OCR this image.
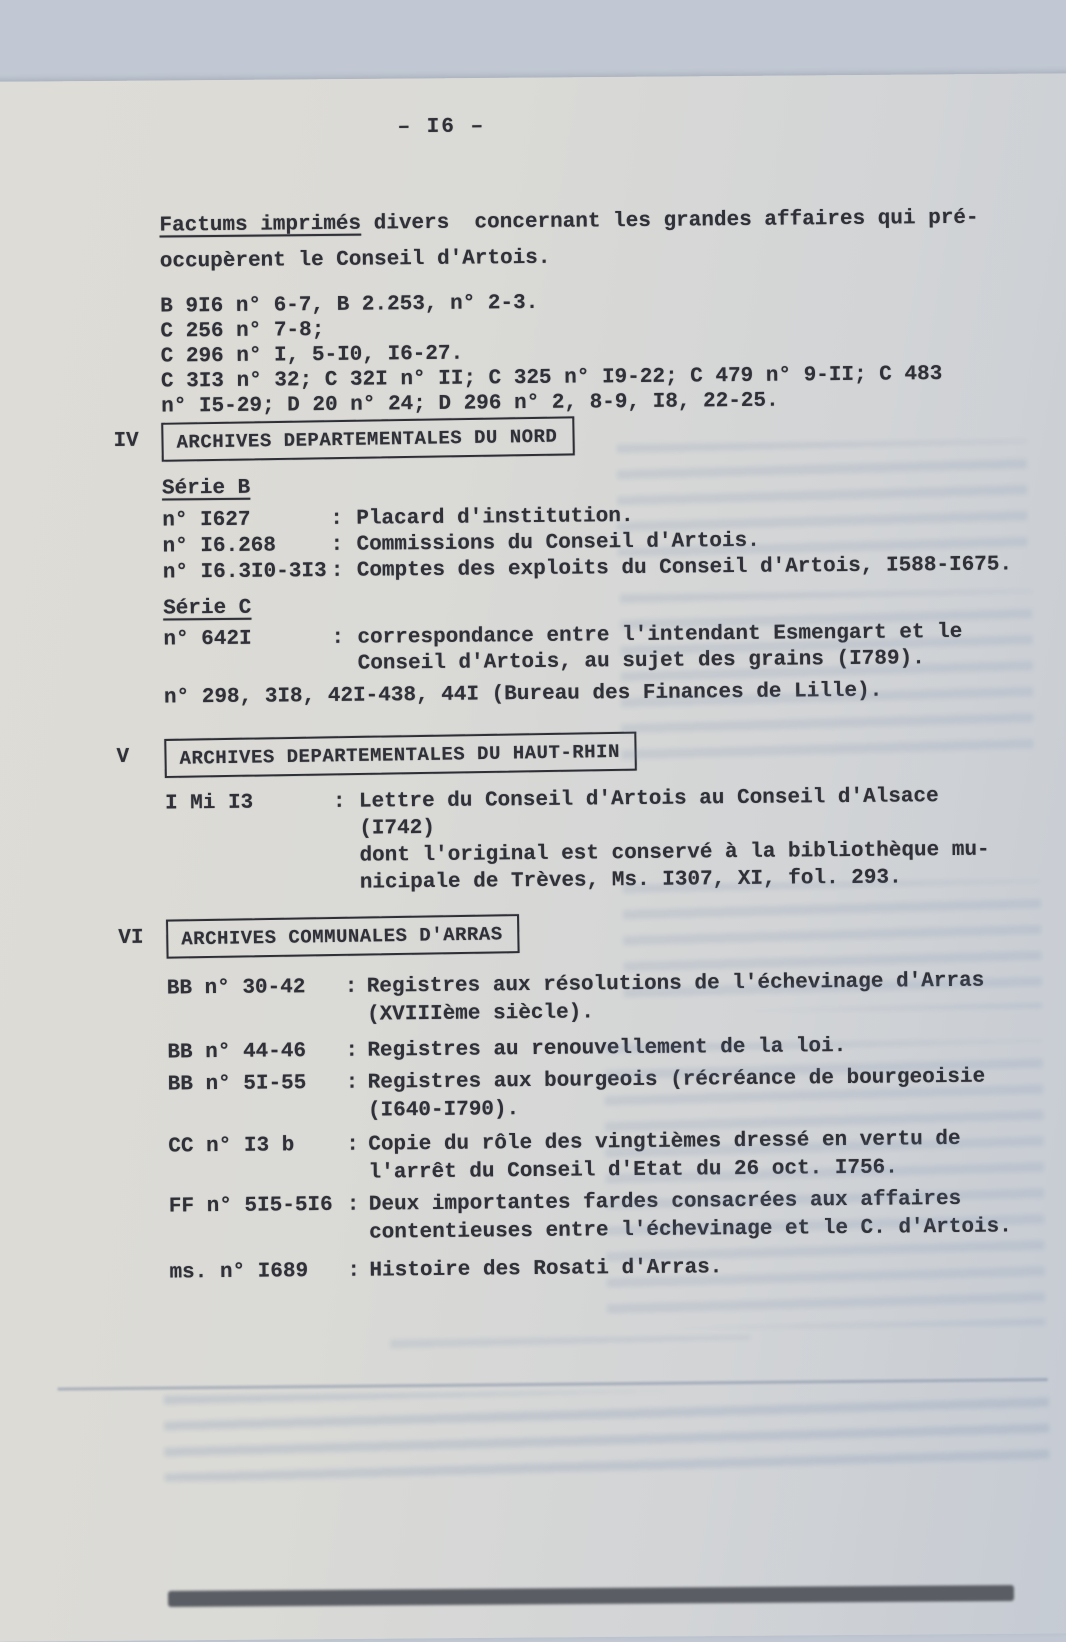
– I6 –
Factums imprimés divers  concernant les grandes affaires qui pré-
occupèrent le Conseil d'Artois.
B 9I6 n° 6-7, B 2.253, n° 2-3.
C 256 n° 7-8;
C 296 n° I, 5-I0, I6-27.
C 3I3 n° 32; C 32I n° II; C 325 n° I9-22; C 479 n° 9-II; C 483
n° I5-29; D 20 n° 24; D 296 n° 2, 8-9, I8, 22-25.
IV	ARCHIVES DEPARTEMENTALES DU NORD
Série B
n° I627	: Placard d'institution.
n° I6.268	: Commissions du Conseil d'Artois.
n° I6.3I0-3I3 : Comptes des exploits du Conseil d'Artois, I588-I675.
Série C
n° 642I	: correspondance entre l'intendant Esmengart et le
Conseil d'Artois, au sujet des grains (I789).
n° 298, 3I8, 42I-438, 44I (Bureau des Finances de Lille).
V	ARCHIVES DEPARTEMENTALES DU HAUT-RHIN
I Mi I3	: Lettre du Conseil d'Artois au Conseil d'Alsace (I742)
dont l'original est conservé à la bibliothèque mu-
nicipale de Trèves, Ms. I307, XI, fol. 293.
VI	ARCHIVES COMMUNALES D'ARRAS
BB n° 30-42	: Registres aux résolutions de l'échevinage d'Arras
(XVIIIème siècle).
BB n° 44-46	: Registres au renouvellement de la loi.
BB n° 5I-55	: Registres aux bourgeois (récréance de bourgeoisie
(I640-I790).
CC n° I3 b	: Copie du rôle des vingtièmes dressé en vertu de
l'arrêt du Conseil d'Etat du 26 oct. I756.
FF n° 5I5-5I6 : Deux importantes fardes consacrées aux affaires
contentieuses entre l'échevinage et le C. d'Artois.
ms. n° I689	: Histoire des Rosati d'Arras.
